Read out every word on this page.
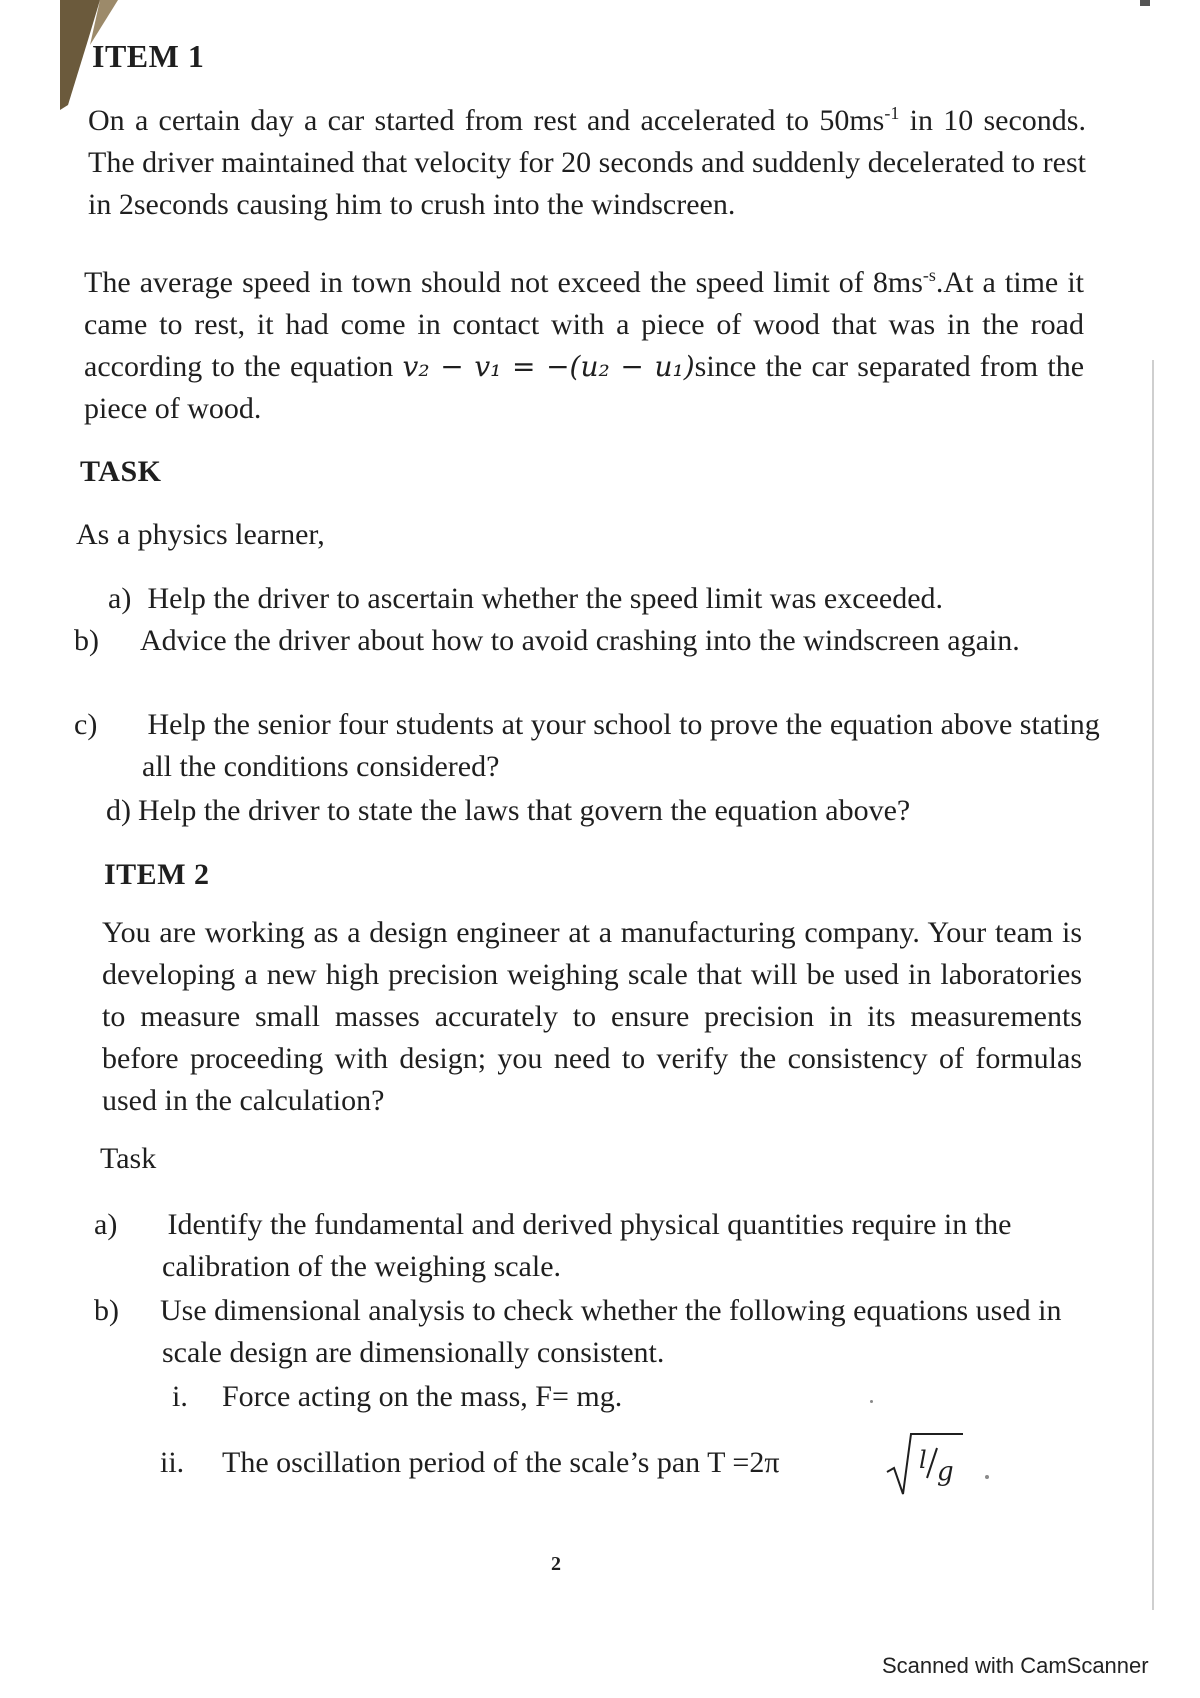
ITEM 1
On a certain day a car started from rest and accelerated to $50ms^{-1}$ in 10 seconds. The driver maintained that velocity for 20 seconds and suddenly decelerated to rest in 2seconds causing him to crush into the windscreen.
The average speed in town should not exceed the speed limit of $8ms^{-s}.At$ a time it came to rest, it had come in contact with a piece of wood that was in the road according to the equation v₂ − v₁ = −(u₂ − u₁)since the car separated from the piece of wood.
TASK
As a physics learner,
a) Help the driver to ascertain whether the speed limit was exceeded.
b) Advice the driver about how to avoid crashing into the windscreen again.
c) Help the senior four students at your school to prove the equation above stating all the conditions considered?
d) Help the driver to state the laws that govern the equation above?
ITEM 2
You are working as a design engineer at a manufacturing company. Your team is developing a new high precision weighing scale that will be used in laboratories to measure small masses accurately to ensure precision in its measurements before proceeding with design; you need to verify the consistency of formulas used in the calculation?
Task
a) Identify the fundamental and derived physical quantities require in the calibration of the weighing scale.
b) Use dimensional analysis to check whether the following equations used in scale design are dimensionally consistent.
i. Force acting on the mass, F= mg.
ii. The oscillation period of the scale’s pan T =2π	l g
2
Scanned with CamScanner
